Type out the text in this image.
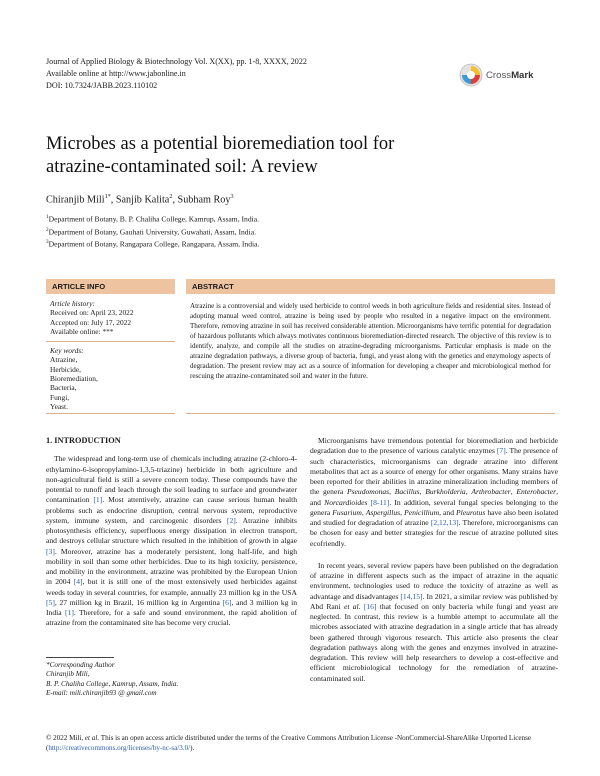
Journal of Applied Biology & Biotechnology Vol. X(XX), pp. 1-8, XXXX, 2022
Available online at http://www.jabonline.in
DOI: 10.7324/JABB.2023.110102
CrossMark
Microbes as a potential bioremediation tool for
atrazine-contaminated soil: A review
Chiranjib Mili$^{1*}$, Sanjib Kalita$^2$, Subham Roy$^3$
$^1$Department of Botany, B. P. Chaliha College, Kamrup, Assam, India.
$^2$Department of Botany, Gauhati University, Guwahati, Assam, India.
$^3$Department of Botany, Rangapara College, Rangapara, Assam, India.
ARTICLE INFO
Article history:
Received on: April 23, 2022
Accepted on: July 17, 2022
Available online: ***
Key words:
Atrazine,
Herbicide,
Bioremediation,
Bacteria,
Fungi,
Yeast.
ABSTRACT
Atrazine is a controversial and widely used herbicide to control weeds in both agriculture fields and residential sites. Instead of adopting manual weed control, atrazine is being used by people who resulted in a negative impact on the environment. Therefore, removing atrazine in soil has received considerable attention. Microorganisms have terrific potential for degradation of hazardous pollutants which always motivates continuous bioremediation-directed research. The objective of this review is to identify, analyze, and compile all the studies on atrazine-degrading microorganisms. Particular emphasis is made on the atrazine degradation pathways, a diverse group of bacteria, fungi, and yeast along with the genetics and enzymology aspects of degradation. The present review may act as a source of information for developing a cheaper and microbiological method for rescuing the atrazine-contaminated soil and water in the future.
1. INTRODUCTION

The widespread and long-term use of chemicals including atrazine (2-chloro-4-ethylamino-6-isopropylamino-1,3,5-triazine) herbicide in both agriculture and non-agricultural field is still a severe concern today. These compounds have the potential to runoff and leach through the soil leading to surface and groundwater contamination [1]. Most attentively, atrazine can cause serious human health problems such as endocrine disruption, central nervous system, reproductive system, immune system, and carcinogenic disorders [2]. Atrazine inhibits photosynthesis efficiency, superfluous energy dissipation in electron transport, and destroys cellular structure which resulted in the inhibition of growth in algae [3]. Moreover, atrazine has a moderately persistent, long half-life, and high mobility in soil than some other herbicides. Due to its high toxicity, persistence, and mobility in the environment, atrazine was prohibited by the European Union in 2004 [4], but it is still one of the most extensively used herbicides against weeds today in several countries, for example, annually 23 million kg in the USA [5], 27 million kg in Brazil, 16 million kg in Argentina [6], and 3 million kg in India [1]. Therefore, for a safe and sound environment, the rapid abolition of atrazine from the contaminated site has become very crucial.

Microorganisms have tremendous potential for bioremediation and herbicide degradation due to the presence of various catalytic enzymes [7]. The presence of such characteristics, microorganisms can degrade atrazine into different metabolites that act as a source of energy for other organisms. Many strains have been reported for their abilities in atrazine mineralization including members of the genera Pseudomonas, Bacillus, Burkholderia, Arthrobacter, Enterobacter, and Norcardioides [8-11]. In addition, several fungal species belonging to the genera Fusarium, Aspergillus, Penicillium, and Pleurotus have also been isolated and studied for degradation of atrazine [2,12,13]. Therefore, microorganisms can be chosen for easy and better strategies for the rescue of atrazine polluted sites ecofriendly.

In recent years, several review papers have been published on the degradation of atrazine in different aspects such as the impact of atrazine in the aquatic environment, technologies used to reduce the toxicity of atrazine as well as advantage and disadvantages [14,15]. In 2021, a similar review was published by Abd Rani et al. [16] that focused on only bacteria while fungi and yeast are neglected. In contrast, this review is a humble attempt to accumulate all the microbes associated with atrazine degradation in a single article that has already been gathered through vigorous research. This article also presents the clear degradation pathways along with the genes and enzymes involved in atrazine-degradation. This review will help researchers to develop a cost-effective and efficient microbiological technology for the remediation of atrazine-contaminated soil.

*Corresponding Author
Chiranjib Mili,
B. P. Chaliha College, Kamrup, Assam, India.
E-mail: mili.chiranjib93 @ gmail.com
© 2022 Mili, et al. This is an open access article distributed under the terms of the Creative Commons Attribution License -NonCommercial-ShareAlike Unported License (http://creativecommons.org/licenses/by-nc-sa/3.0/).
